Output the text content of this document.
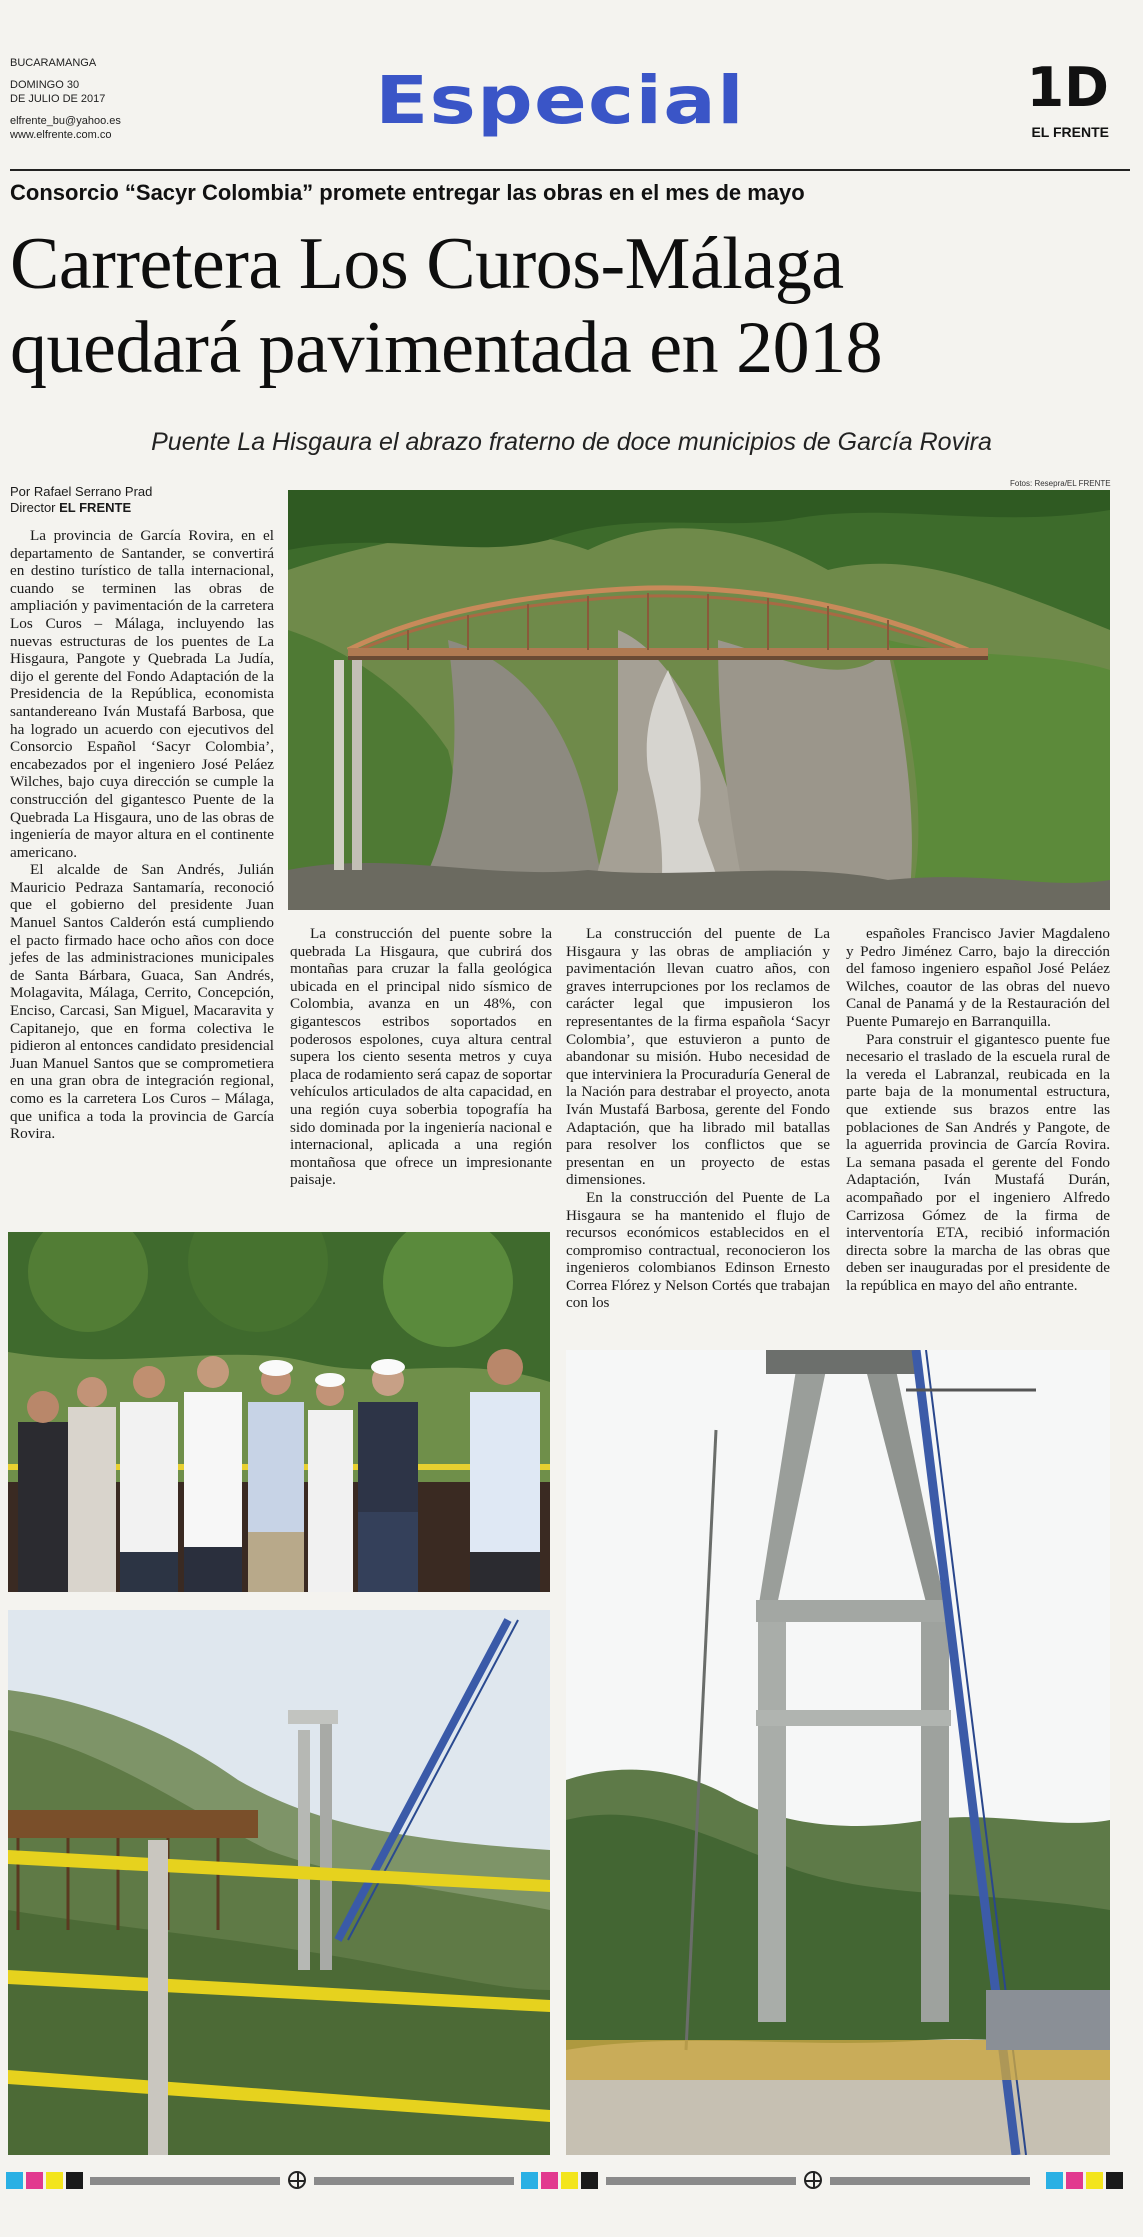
BUCARAMANGA
DOMINGO 30
DE JULIO DE 2017
elfrente_bu@yahoo.es
www.elfrente.com.co	Especial	1D
EL FRENTE
Consorcio “Sacyr Colombia” promete entregar las obras en el mes de mayo
Carretera Los Curos-Málaga
quedará pavimentada en 2018
Puente La Hisgaura el abrazo fraterno de doce municipios de García Rovira
Por Rafael Serrano Prad
Director EL FRENTE
Fotos: Resepra/EL FRENTE

La provincia de García Rovira, en el departamento de Santander, se convertirá en destino turístico de talla internacional, cuando se terminen las obras de ampliación y pavimentación de la carretera Los Curos – Málaga, incluyendo las nuevas estructuras de los puentes de La Hisgaura, Pangote y Quebrada La Judía, dijo el gerente del Fondo Adaptación de la Presidencia de la República, economista santandereano Iván Mustafá Barbosa, que ha logrado un acuerdo con ejecutivos del Consorcio Español ‘Sacyr Colombia’, encabezados por el ingeniero José Peláez Wilches, bajo cuya dirección se cumple la construcción del gigantesco Puente de la Quebrada La Hisgaura, uno de las obras de ingeniería de mayor altura en el continente americano.

El alcalde de San Andrés, Julián Mauricio Pedraza Santamaría, reconoció que el gobierno del presidente Juan Manuel Santos Calderón está cumpliendo el pacto firmado hace ocho años con doce jefes de las administraciones municipales de Santa Bárbara, Guaca, San Andrés, Molagavita, Málaga, Cerrito, Concepción, Enciso, Carcasi, San Miguel, Macaravita y Capitanejo, que en forma colectiva le pidieron al entonces candidato presidencial Juan Manuel Santos que se comprometiera en una gran obra de integración regional, como es la carretera Los Curos – Málaga, que unifica a toda la provincia de García Rovira.

La construcción del puente sobre la quebrada La Hisgaura, que cubrirá dos montañas para cruzar la falla geológica ubicada en el principal nido sísmico de Colombia, avanza en un 48%, con gigantescos estribos soportados en poderosos espolones, cuya altura central supera los ciento sesenta metros y cuya placa de rodamiento será capaz de soportar vehículos articulados de alta capacidad, en una región cuya soberbia topografía ha sido dominada por la ingeniería nacional e internacional, aplicada a una región montañosa que ofrece un impresionante paisaje.

La construcción del puente de La Hisgaura y las obras de ampliación y pavimentación llevan cuatro años, con graves interrupciones por los reclamos de carácter legal que impusieron los representantes de la firma española ‘Sacyr Colombia’, que estuvieron a punto de abandonar su misión. Hubo necesidad de que interviniera la Procuraduría General de la Nación para destrabar el proyecto, anota Iván Mustafá Barbosa, gerente del Fondo Adaptación, que ha librado mil batallas para resolver los conflictos que se presentan en un proyecto de estas dimensiones.

En la construcción del Puente de La Hisgaura se ha mantenido el flujo de recursos económicos establecidos en el compromiso contractual, reconocieron los ingenieros colombianos Edinson Ernesto Correa Flórez y Nelson Cortés que trabajan con los

españoles Francisco Javier Magdaleno y Pedro Jiménez Carro, bajo la dirección del famoso ingeniero español José Peláez Wilches, coautor de las obras del nuevo Canal de Panamá y de la Restauración del Puente Pumarejo en Barranquilla.

Para construir el gigantesco puente fue necesario el traslado de la escuela rural de la vereda el Labranzal, reubicada en la parte baja de la monumental estructura, que extiende sus brazos entre las poblaciones de San Andrés y Pangote, de la aguerrida provincia de García Rovira. La semana pasada el gerente del Fondo Adaptación, Iván Mustafá Durán, acompañado por el ingeniero Alfredo Carrizosa Gómez de la firma de interventoría ETA, recibió información directa sobre la marcha de las obras que deben ser inauguradas por el presidente de la república en mayo del año entrante.
